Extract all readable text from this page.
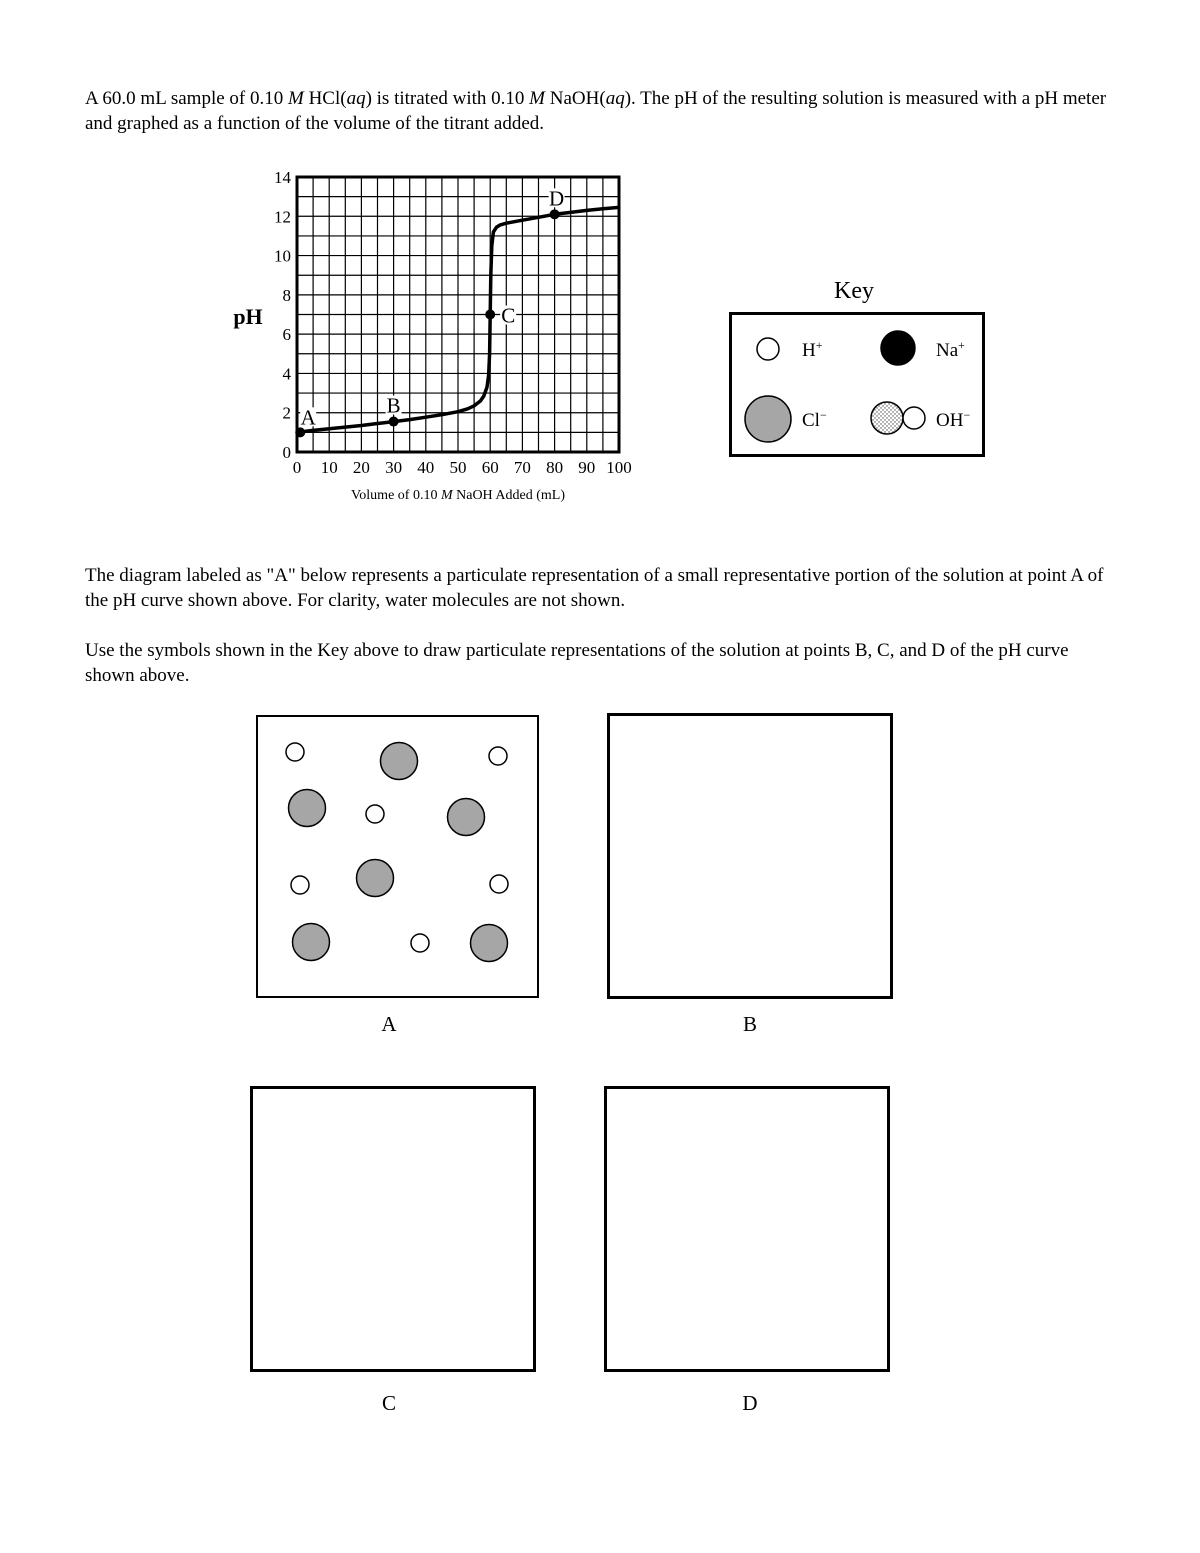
A 60.0 mL sample of 0.10 M HCl(aq) is titrated with 0.10 M NaOH(aq). The pH of the resulting solution is measured with a pH meter and graphed as a function of the volume of the titrant added.

0 10 20 30 40 50 60 70 80 90 100
0
2
4
6
8
10
12
14
A	B
C
D
pH
Volume of 0.10 M NaOH Added (mL)
Key
H+	Na+
Cl−	OH−

The diagram labeled as "A" below represents a particulate representation of a small representative portion of the solution at point A of the pH curve shown above. For clarity, water molecules are not shown.

Use the symbols shown in the Key above to draw particulate representations of the solution at points B, C, and D of the pH curve shown above.

A	B
C	D
